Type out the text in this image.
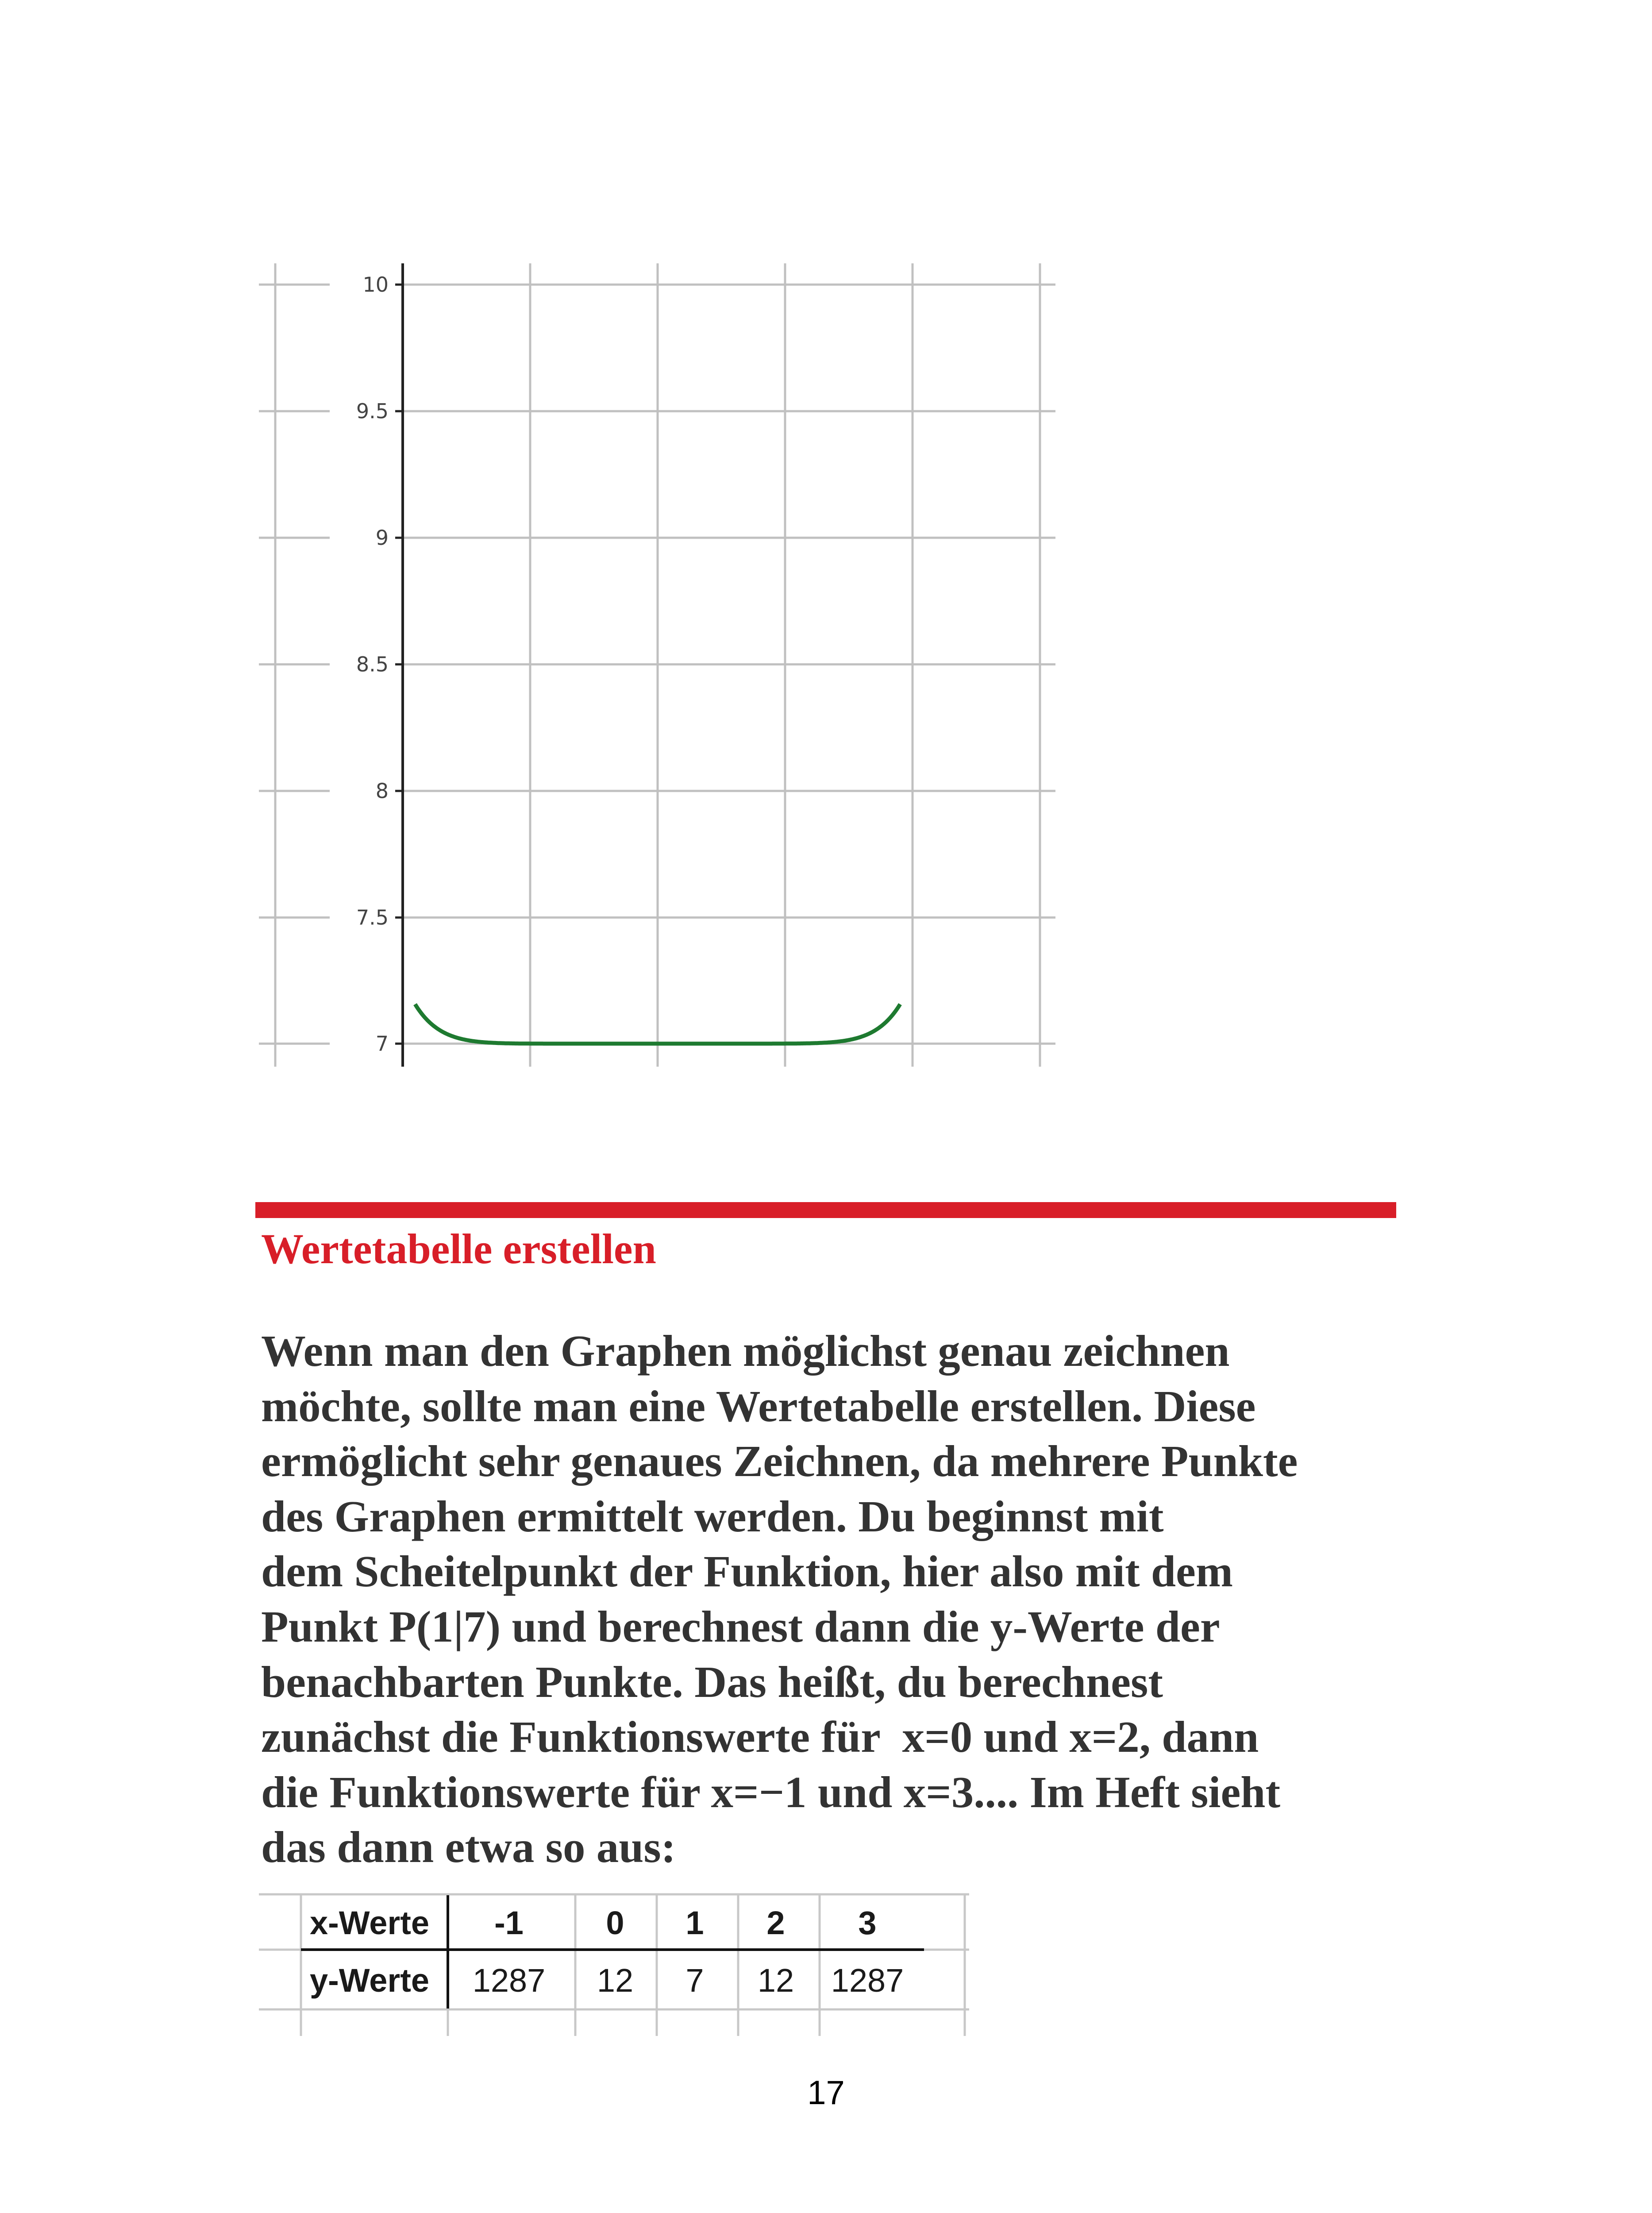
10
9.5
9
8.5
8
7.5
7
Wertetabelle erstellen

Wenn man den Graphen möglichst genau zeichnen
möchte, sollte man eine Wertetabelle erstellen. Diese
ermöglicht sehr genaues Zeichnen, da mehrere Punkte
des Graphen ermittelt werden. Du beginnst mit
dem Scheitelpunkt der Funktion, hier also mit dem
Punkt P(1|7) und berechnest dann die y-Werte der
benachbarten Punkte. Das heißt, du berechnest
zunächst die Funktionswerte für  x=0 und x=2, dann
die Funktionswerte für x=−1 und x=3.... Im Heft sieht
das dann etwa so aus:

x-Werte
y-Werte
-1	0 1 2 3
1287 12 7 12 1287
17
